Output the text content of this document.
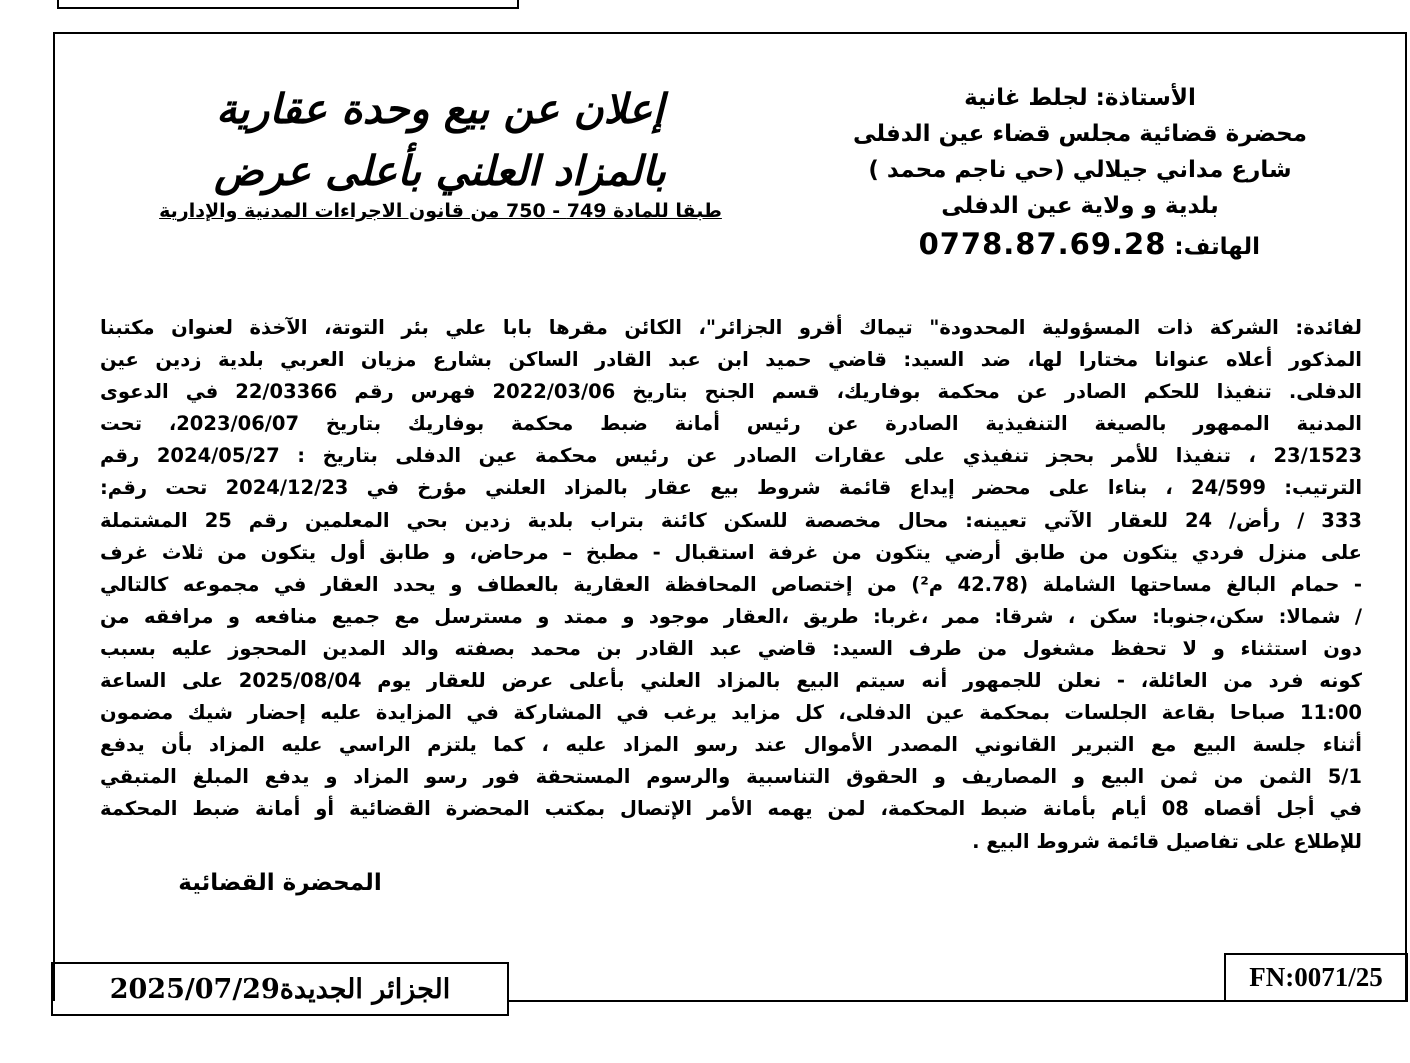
إعلان عن بيع وحدة عقارية
بالمزاد العلني بأعلى عرض
طبقا للمادة 749 - 750 من قانون الاجراءات المدنية والإدارية
الأستاذة: لجلط غانية
محضرة قضائية مجلس قضاء عين الدفلى
شارع مداني جيلالي (حي ناجم محمد )
بلدية و ولاية عين الدفلى
الهاتف: 0778.87.69.28
لفائدة: الشركة ذات المسؤولية المحدودة" تيماك أقرو الجزائر"، الكائن مقرها بابا علي بئر التوتة، الآخذة لعنوان مكتبنا
المذكور أعلاه عنوانا مختارا لها، ضد السيد: قاضي حميد ابن عبد القادر الساكن بشارع مزيان العربي بلدية زدين عين
الدفلى. تنفيذا للحكم الصادر عن محكمة بوفاريك، قسم الجنح بتاريخ 2022/03/06 فهرس رقم 22/03366 في الدعوى
المدنية الممهور بالصيغة التنفيذية الصادرة عن رئيس أمانة ضبط محكمة بوفاريك بتاريخ 2023/06/07، تحت
23/1523 ، تنفيذا للأمر بحجز تنفيذي على عقارات الصادر عن رئيس محكمة عين الدفلى بتاريخ : 2024/05/27 رقم
الترتيب: 24/599 ، بناءا على محضر إيداع قائمة شروط بيع عقار بالمزاد العلني مؤرخ في 2024/12/23 تحت رقم:
333 / رأض/ 24 للعقار الآتي تعيينه: محال مخصصة للسكن كائنة بتراب بلدية زدين بحي المعلمين رقم 25 المشتملة
على منزل فردي يتكون من طابق أرضي يتكون من غرفة استقبال - مطبخ – مرحاض، و طابق أول يتكون من ثلاث غرف
- حمام البالغ مساحتها الشاملة (42.78 م²) من إختصاص المحافظة العقارية بالعطاف و يحدد العقار في مجموعه كالتالي
/ شمالا: سكن،جنوبا: سكن ، شرقا: ممر ،غربا: طريق ،العقار موجود و ممتد و مسترسل مع جميع منافعه و مرافقه من
دون استثناء و لا تحفظ مشغول من طرف السيد: قاضي عبد القادر بن محمد بصفته والد المدين المحجوز عليه بسبب
كونه فرد من العائلة، - نعلن للجمهور أنه سيتم البيع بالمزاد العلني بأعلى عرض للعقار يوم 2025/08/04 على الساعة
11:00 صباحا بقاعة الجلسات بمحكمة عين الدفلى، كل مزايد يرغب في المشاركة في المزايدة عليه إحضار شيك مضمون
أثناء جلسة البيع مع التبرير القانوني المصدر الأموال عند رسو المزاد عليه ، كما يلتزم الراسي عليه المزاد بأن يدفع
5/1 الثمن من ثمن البيع و المصاريف و الحقوق التناسبية والرسوم المستحقة فور رسو المزاد و يدفع المبلغ المتبقي
في أجل أقصاه 08 أيام بأمانة ضبط المحكمة، لمن يهمه الأمر الإتصال بمكتب المحضرة القضائية أو أمانة ضبط المحكمة
للإطلاع على تفاصيل قائمة شروط البيع .
المحضرة القضائية
الجزائر الجديدة2025/07/29	FN:0071/25
